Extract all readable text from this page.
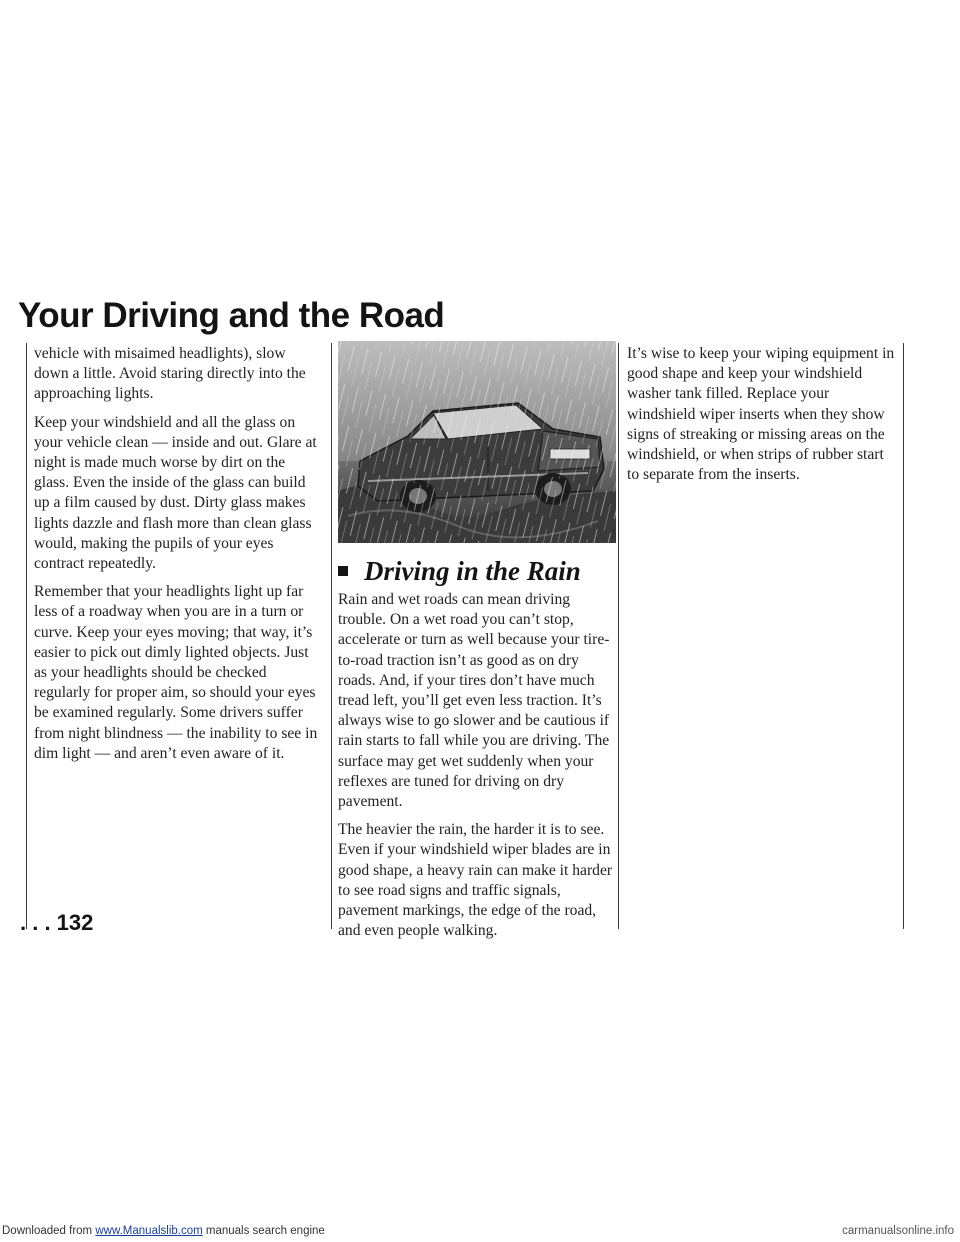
Your Driving and the Road

vehicle with misaimed headlights), slow down a little. Avoid staring directly into the approaching lights.

Keep your windshield and all the glass on your vehicle clean — inside and out. Glare at night is made much worse by dirt on the glass. Even the inside of the glass can build up a film caused by dust. Dirty glass makes lights dazzle and flash more than clean glass would, making the pupils of your eyes contract repeatedly.

Remember that your headlights light up far less of a roadway when you are in a turn or curve. Keep your eyes moving; that way, it’s easier to pick out dimly lighted objects. Just as your headlights should be checked regularly for proper aim, so should your eyes be examined regularly. Some drivers suffer from night blindness — the inability to see in dim light — and aren’t even aware of it.

Driving in the Rain

Rain and wet roads can mean driving trouble. On a wet road you can’t stop, accelerate or turn as well because your tire-to-road traction isn’t as good as on dry roads. And, if your tires don’t have much tread left, you’ll get even less traction. It’s always wise to go slower and be cautious if rain starts to fall while you are driving. The surface may get wet suddenly when your reflexes are tuned for driving on dry pavement.

The heavier the rain, the harder it is to see. Even if your windshield wiper blades are in good shape, a heavy rain can make it harder to see road signs and traffic signals, pavement markings, the edge of the road, and even people walking.

It’s wise to keep your wiping equipment in good shape and keep your windshield washer tank filled. Replace your windshield wiper inserts when they show signs of streaking or missing areas on the windshield, or when strips of rubber start to separate from the inserts.

. . . 132
Downloaded from www.Manualslib.com manuals search engine	carmanualsonline.info
